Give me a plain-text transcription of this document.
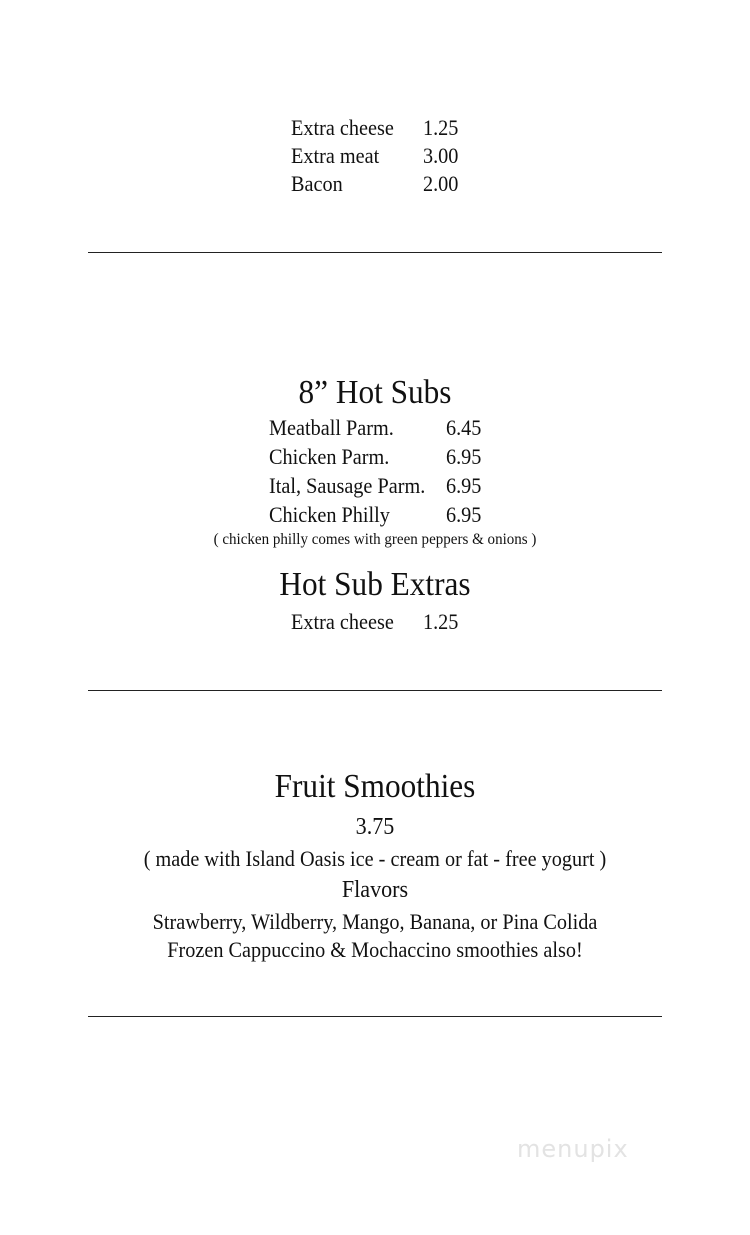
Extra cheese 1.25
Extra meat 3.00
Bacon	2.00
8” Hot Subs
Meatball Parm. 6.45
Chicken Parm.	6.95
Ital, Sausage Parm. 6.95
Chicken Philly	6.95
( chicken philly comes with green peppers & onions )
Hot Sub Extras
Extra cheese 1.25
Fruit Smoothies
3.75
( made with Island Oasis ice - cream or fat - free yogurt )
Flavors
Strawberry, Wildberry, Mango, Banana, or Pina Colida
Frozen Cappuccino & Mochaccino smoothies also!
menupix
